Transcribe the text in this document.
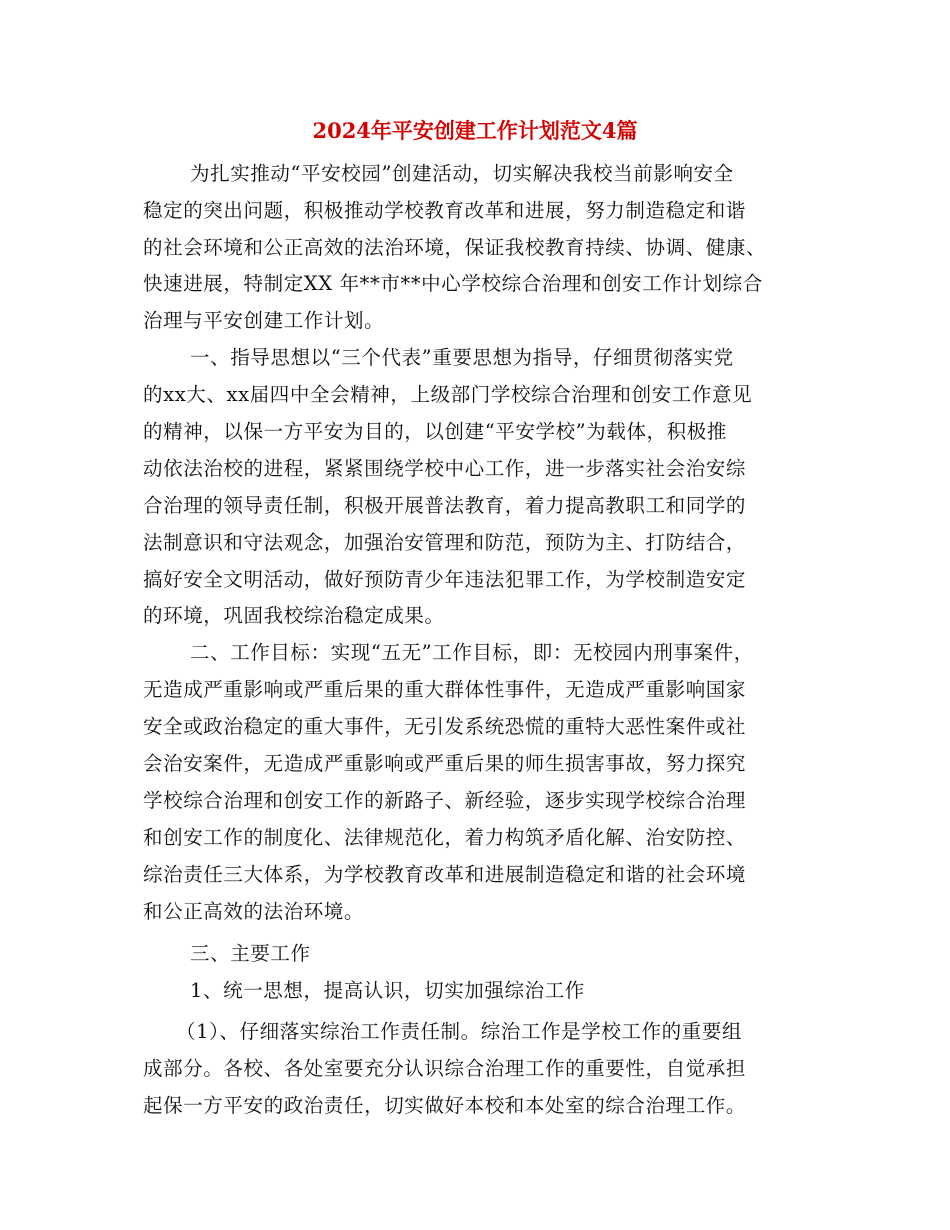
2024年平安创建工作计划范文4篇
为扎实推动“平安校园”创建活动，切实解决我校当前影响安全
稳定的突出问题，积极推动学校教育改革和进展，努力制造稳定和谐
的社会环境和公正高效的法治环境，保证我校教育持续、协调、健康、
快速进展，特制定XX 年**市**中心学校综合治理和创安工作计划综合
治理与平安创建工作计划。
一、指导思想以“三个代表”重要思想为指导，仔细贯彻落实党
的xx大、xx届四中全会精神，上级部门学校综合治理和创安工作意见
的精神，以保一方平安为目的，以创建“平安学校”为载体，积极推
动依法治校的进程，紧紧围绕学校中心工作，进一步落实社会治安综
合治理的领导责任制，积极开展普法教育，着力提高教职工和同学的
法制意识和守法观念，加强治安管理和防范，预防为主、打防结合，
搞好安全文明活动，做好预防青少年违法犯罪工作，为学校制造安定
的环境，巩固我校综治稳定成果。
二、工作目标：实现“五无”工作目标，即：无校园内刑事案件，
无造成严重影响或严重后果的重大群体性事件，无造成严重影响国家
安全或政治稳定的重大事件，无引发系统恐慌的重特大恶性案件或社
会治安案件，无造成严重影响或严重后果的师生损害事故，努力探究
学校综合治理和创安工作的新路子、新经验，逐步实现学校综合治理
和创安工作的制度化、法律规范化，着力构筑矛盾化解、治安防控、
综治责任三大体系，为学校教育改革和进展制造稳定和谐的社会环境
和公正高效的法治环境。
三、主要工作
1、统一思想，提高认识，切实加强综治工作
（1）、仔细落实综治工作责任制。综治工作是学校工作的重要组
成部分。各校、各处室要充分认识综合治理工作的重要性，自觉承担
起保一方平安的政治责任，切实做好本校和本处室的综合治理工作。
